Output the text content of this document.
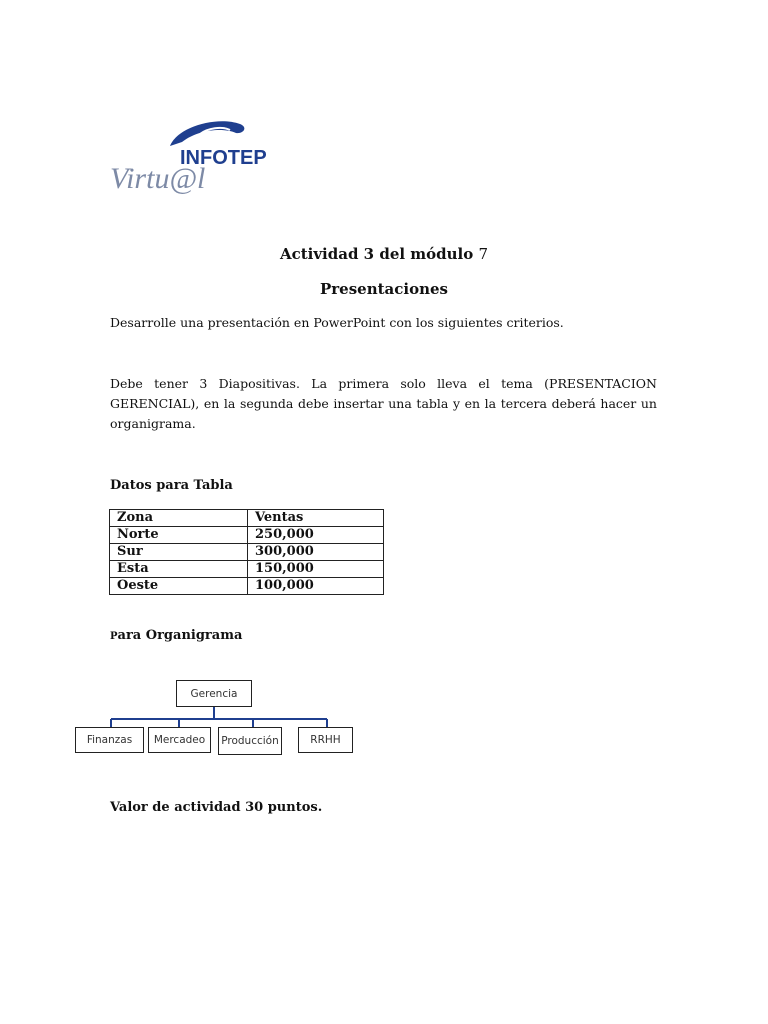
INFOTEP
Virtu@l
Actividad 3 del módulo 7
Presentaciones
Desarrolle una presentación en PowerPoint con los siguientes criterios.
Debe tener 3 Diapositivas. La primera solo lleva el tema (PRESENTACION GERENCIAL), en la segunda debe insertar una tabla y en la tercera deberá hacer un organigrama.
Datos para Tabla
Zona	Ventas
Norte	250,000
Sur	300,000
Esta	150,000
Oeste	100,000
Para Organigrama
Gerencia
Finanzas	Mercadeo	Producción	RRHH
Valor de actividad 30 puntos.
